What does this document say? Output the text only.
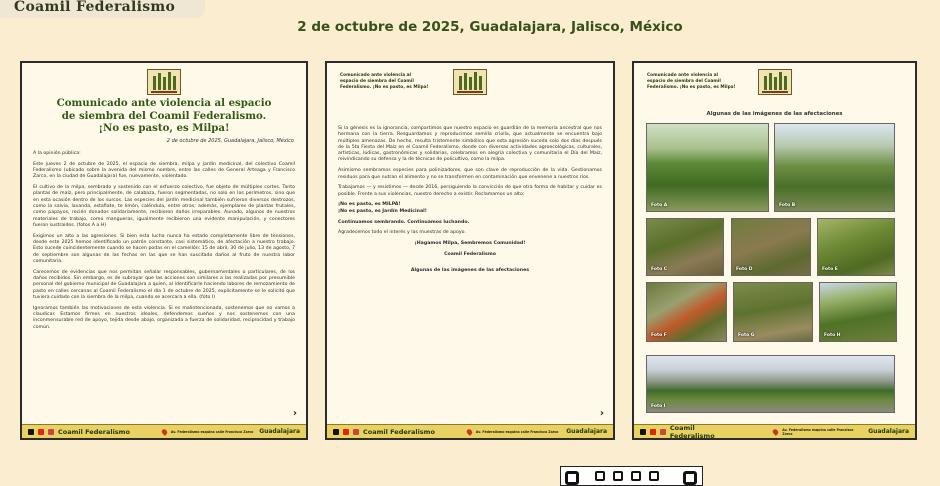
Coamil Federalismo
2 de octubre de 2025, Guadalajara, Jalisco, México
Comunicado ante violencia al espacio
de siembra del Coamil Federalismo.
¡No es pasto, es Milpa!
2 de octubre de 2025, Guadalajara, Jalisco, México

A la opinión pública:

Este jueves 2 de octubre de 2025, el espacio de siembra, milpa y jardín medicinal, del colectivo Coamil Federalismo (ubicado sobre la avenida del mismo nombre, entre las calles de General Arteaga y Francisco Zarco, en la ciudad de Guadalajara) fue, nuevamente, violentado.

El cultivo de la milpa, sembrado y sostenido con el esfuerzo colectivo, fue objeto de múltiples cortes. Tanto plantas de maíz, pero principalmente, de calabaza, fueron segmentadas, no solo en los perímetros, sino que en esta ocasión dentro de los surcos. Las especies del jardín medicinal también sufrieron diversos destrozos, como la salvia, lavanda, estafiate, te limón, caléndula, entre otras; además, ejemplares de plantas frutales, como papayos, recién donados solidariamente, recibieron daños irreparables. Aunado, algunos de nuestros materiales de trabajo, como mangueras, igualmente recibieron una evidente manipulación, y conectores fueron sustraídos. (fotos A a H)

Exigimos un alto a las agresiones. Si bien esta lucha nunca ha estado completamente libre de tensiones, desde este 2025 hemos identificado un patrón constante, casi sistemático, de afectación a nuestro trabajo. Esto sucede coincidentemente cuando se hacen podas en el camellón: 15 de abril, 30 de julio, 13 de agosto, 7 de septiembre son algunas de las fechas en las que se han suscitado daños al fruto de nuestra labor comunitaria.

Carecemos de evidencias que nos permitan señalar responsables, gubernamentales o particulares, de los daños recibidos. Sin embargo, es de subrayar que las acciones son similares a las realizadas por presumible personal del gobierno municipal de Guadalajara a quien, al identificarle haciendo labores de remozamiento de pasto en calles cercanas al Coamil Federalismo el día 1 de octubre de 2025, explícitamente se le solicitó que tuviera cuidado con la siembra de la milpa, cuando se acercara a ella. (foto I)

Ignoramos también las motivaciones de esta violencia. Si es malintencionada, sostenemos que no vamos a claudicar. Estamos firmes en nuestros ideales, defendemos sueños y nos sostenemos con una inconmensurable red de apoyo, tejida desde abajo, organizada a fuerza de solidaridad, reciprocidad y trabajo común.

›
Coamil Federalismo	Av. Federalismo esquina calle Francisco Zarco Guadalajara
Comunicado ante violencia al espacio de siembra del Coamil Federalismo. ¡No es pasto, es Milpa!

Si la génesis es la ignorancia, compartimos que nuestro espacio es guardián de la memoria ancestral que nos hermana con la tierra. Resguardamos y reproducimos semilla criolla, que actualmente se encuentra bajo múltiples amenazas. De hecho, resulta tristemente simbólico que esta agresión suceda solo dos días después de la 5ta Fiesta del Maíz en el Coamil Federalismo, donde con diversas actividades agroecológicas, culturales, artísticas, lúdicas, gastronómicas y solidarias, celebramos en alegría colectiva y comunitaria el Día del Maíz, reivindicando su defensa y la de técnicas de policultivo, como la milpa.

Asimismo sembramos especies para polinizadores, que son clave de reproducción de la vida. Gestionamos residuos para que nutran el alimento y no se transformen en contaminación que envenene a nuestros ríos.

Trabajamos — y resistimos — desde 2016, persiguiendo la convicción de que otra forma de habitar y cuidar es posible. Frente a sus violencias, nuestro derecho a existir. Reclamamos un alto:

¡No es pasto, es MILPA!
¡No es pasto, es Jardín Medicinal!

Continuamos sembrando. Continuamos luchando.

Agradecemos todo el interés y las muestras de apoyo.

¡Hagamos Milpa, Sembremos Comunidad!

Coamil Federalismo

Algunas de las imágenes de las afectaciones

›
Coamil Federalismo	Av. Federalismo esquina calle Francisco Zarco Guadalajara
Comunicado ante violencia al espacio de siembra del Coamil Federalismo. ¡No es pasto, es Milpa!
Algunas de las imágenes de las afectaciones
Foto A	Foto B
Foto C	Foto D	Foto E
Foto F	Foto G	Foto H
Foto I
Coamil Federalismo
Av. Federalismo esquina calle Francisco Zarco	Guadalajara
